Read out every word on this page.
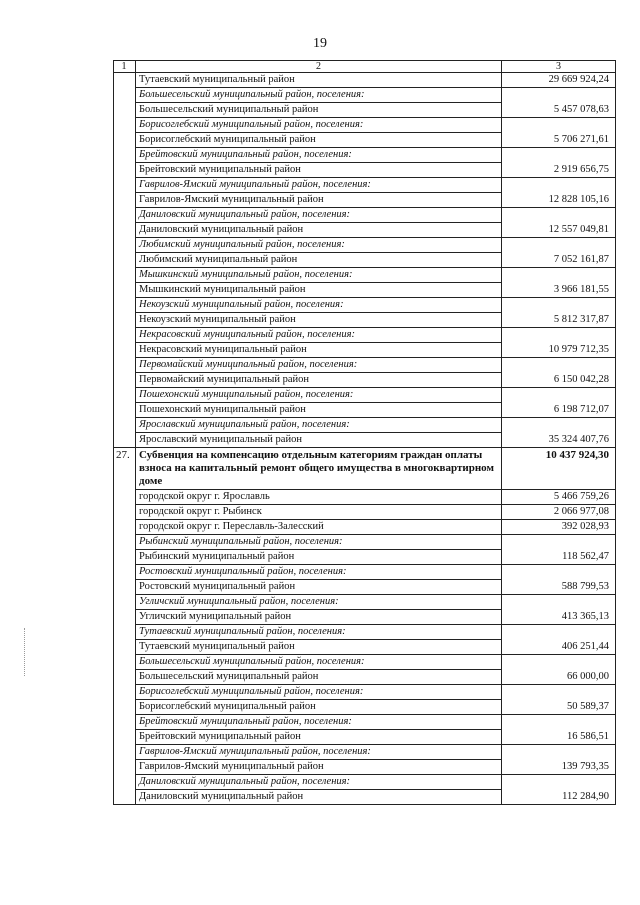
19
1	2	3
	Тутаевский муниципальный район	29 669 924,24
	Большесельский муниципальный район, поселения:	
	Большесельский муниципальный район	5 457 078,63
	Борисоглебский муниципальный район, поселения:	
	Борисоглебский муниципальный район	5 706 271,61
	Брейтовский муниципальный район, поселения:	
	Брейтовский муниципальный район	2 919 656,75
	Гаврилов-Ямский муниципальный район, поселения:	
	Гаврилов-Ямский муниципальный район	12 828 105,16
	Даниловский муниципальный район, поселения:	
	Даниловский муниципальный район	12 557 049,81
	Любимский муниципальный район, поселения:	
	Любимский муниципальный район	7 052 161,87
	Мышкинский муниципальный район, поселения:	
	Мышкинский муниципальный район	3 966 181,55
	Некоузский муниципальный район, поселения:	
	Некоузский муниципальный район	5 812 317,87
	Некрасовский муниципальный район, поселения:	
	Некрасовский муниципальный район	10 979 712,35
	Первомайский муниципальный район, поселения:	
	Первомайский муниципальный район	6 150 042,28
	Пошехонский муниципальный район, поселения:	
	Пошехонский муниципальный район	6 198 712,07
	Ярославский муниципальный район, поселения:	
	Ярославский муниципальный район	35 324 407,76
27.	Субвенция на компенсацию отдельным категориям граждан оплаты взноса на капитальный ремонт общего имущества в многоквартирном доме	10 437 924,30
	городской округ г. Ярославль	5 466 759,26
	городской округ г. Рыбинск	2 066 977,08
	городской округ г. Переславль-Залесский	392 028,93
	Рыбинский муниципальный район, поселения:	
	Рыбинский муниципальный район	118 562,47
	Ростовский муниципальный район, поселения:	
	Ростовский муниципальный район	588 799,53
	Угличский муниципальный район, поселения:	
	Угличский муниципальный район	413 365,13
	Тутаевский муниципальный район, поселения:	
	Тутаевский муниципальный район	406 251,44
	Большесельский муниципальный район, поселения:	
	Большесельский муниципальный район	66 000,00
	Борисоглебский муниципальный район, поселения:	
	Борисоглебский муниципальный район	50 589,37
	Брейтовский муниципальный район, поселения:	
	Брейтовский муниципальный район	16 586,51
	Гаврилов-Ямский муниципальный район, поселения:	
	Гаврилов-Ямский муниципальный район	139 793,35
	Даниловский муниципальный район, поселения:	
	Даниловский муниципальный район	112 284,90
